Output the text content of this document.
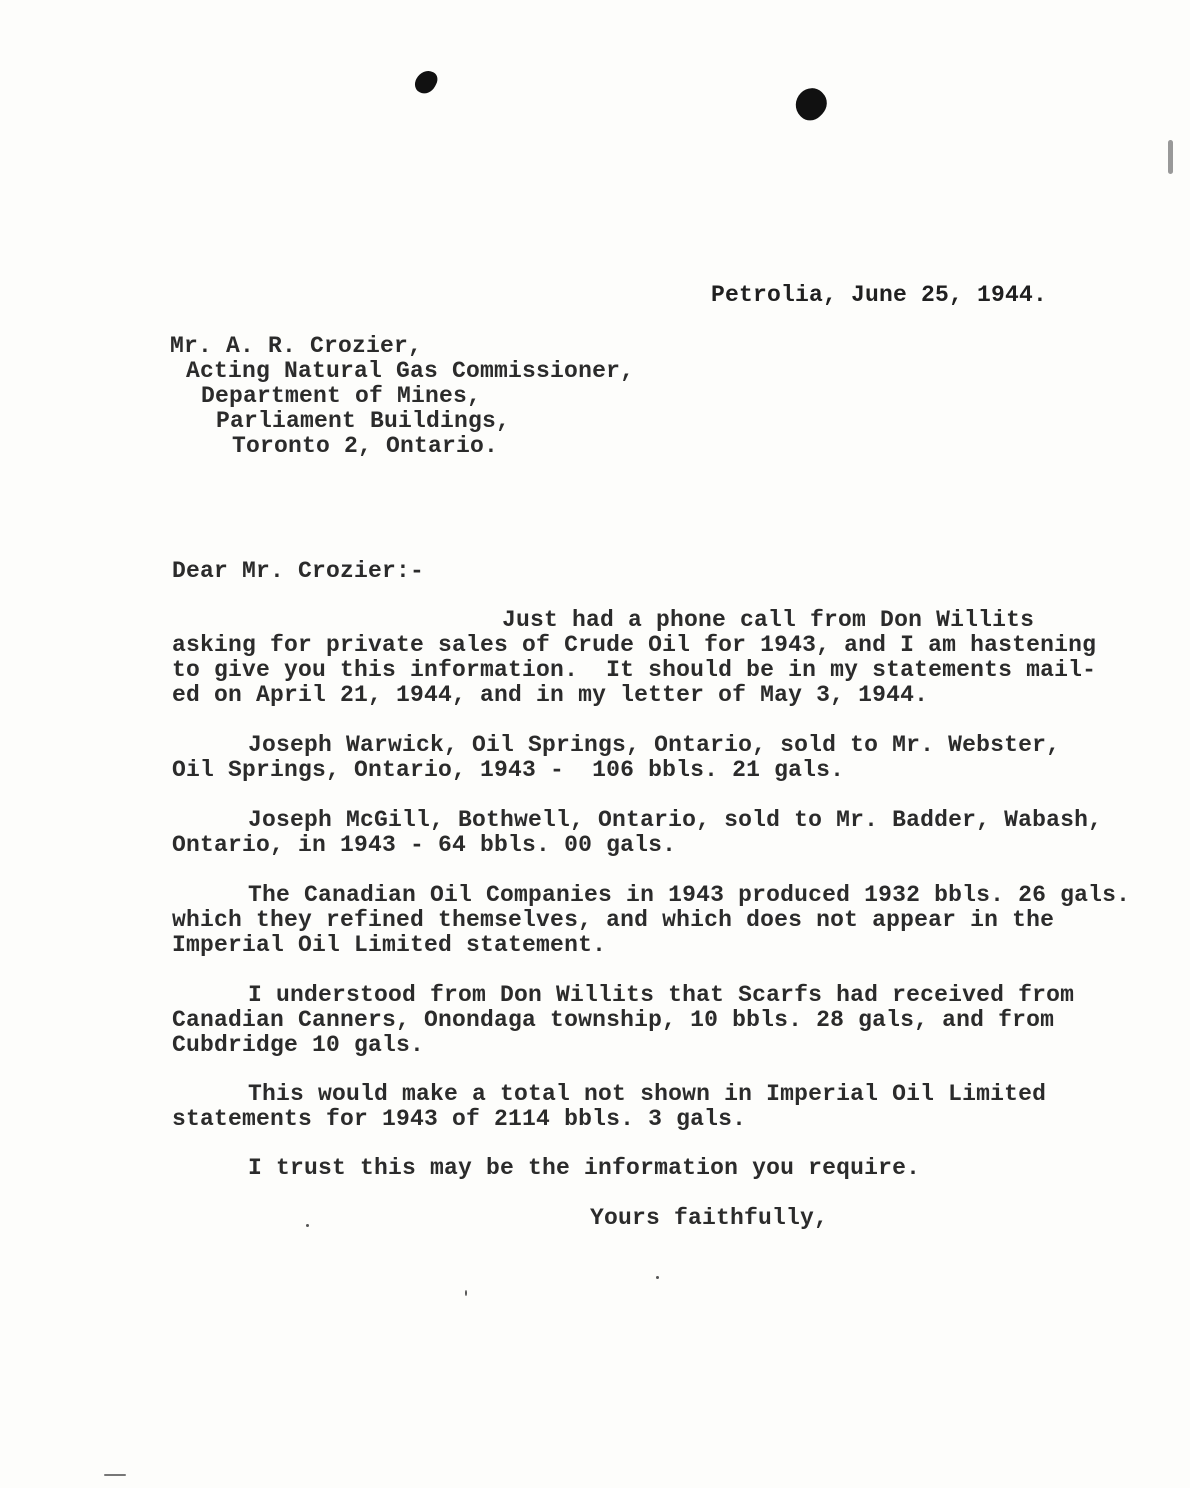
Petrolia, June 25, 1944.
Mr. A. R. Crozier,
Acting Natural Gas Commissioner,
Department of Mines,
Parliament Buildings,
Toronto 2, Ontario.
Dear Mr. Crozier:-
Just had a phone call from Don Willits
asking for private sales of Crude Oil for 1943, and I am hastening
to give you this information.  It should be in my statements mail-
ed on April 21, 1944, and in my letter of May 3, 1944.
Joseph Warwick, Oil Springs, Ontario, sold to Mr. Webster,
Oil Springs, Ontario, 1943 -  106 bbls. 21 gals.
Joseph McGill, Bothwell, Ontario, sold to Mr. Badder, Wabash,
Ontario, in 1943 - 64 bbls. 00 gals.
The Canadian Oil Companies in 1943 produced 1932 bbls. 26 gals.
which they refined themselves, and which does not appear in the
Imperial Oil Limited statement.
I understood from Don Willits that Scarfs had received from
Canadian Canners, Onondaga township, 10 bbls. 28 gals, and from
Cubdridge 10 gals.
This would make a total not shown in Imperial Oil Limited
statements for 1943 of 2114 bbls. 3 gals.
I trust this may be the information you require.
Yours faithfully,
